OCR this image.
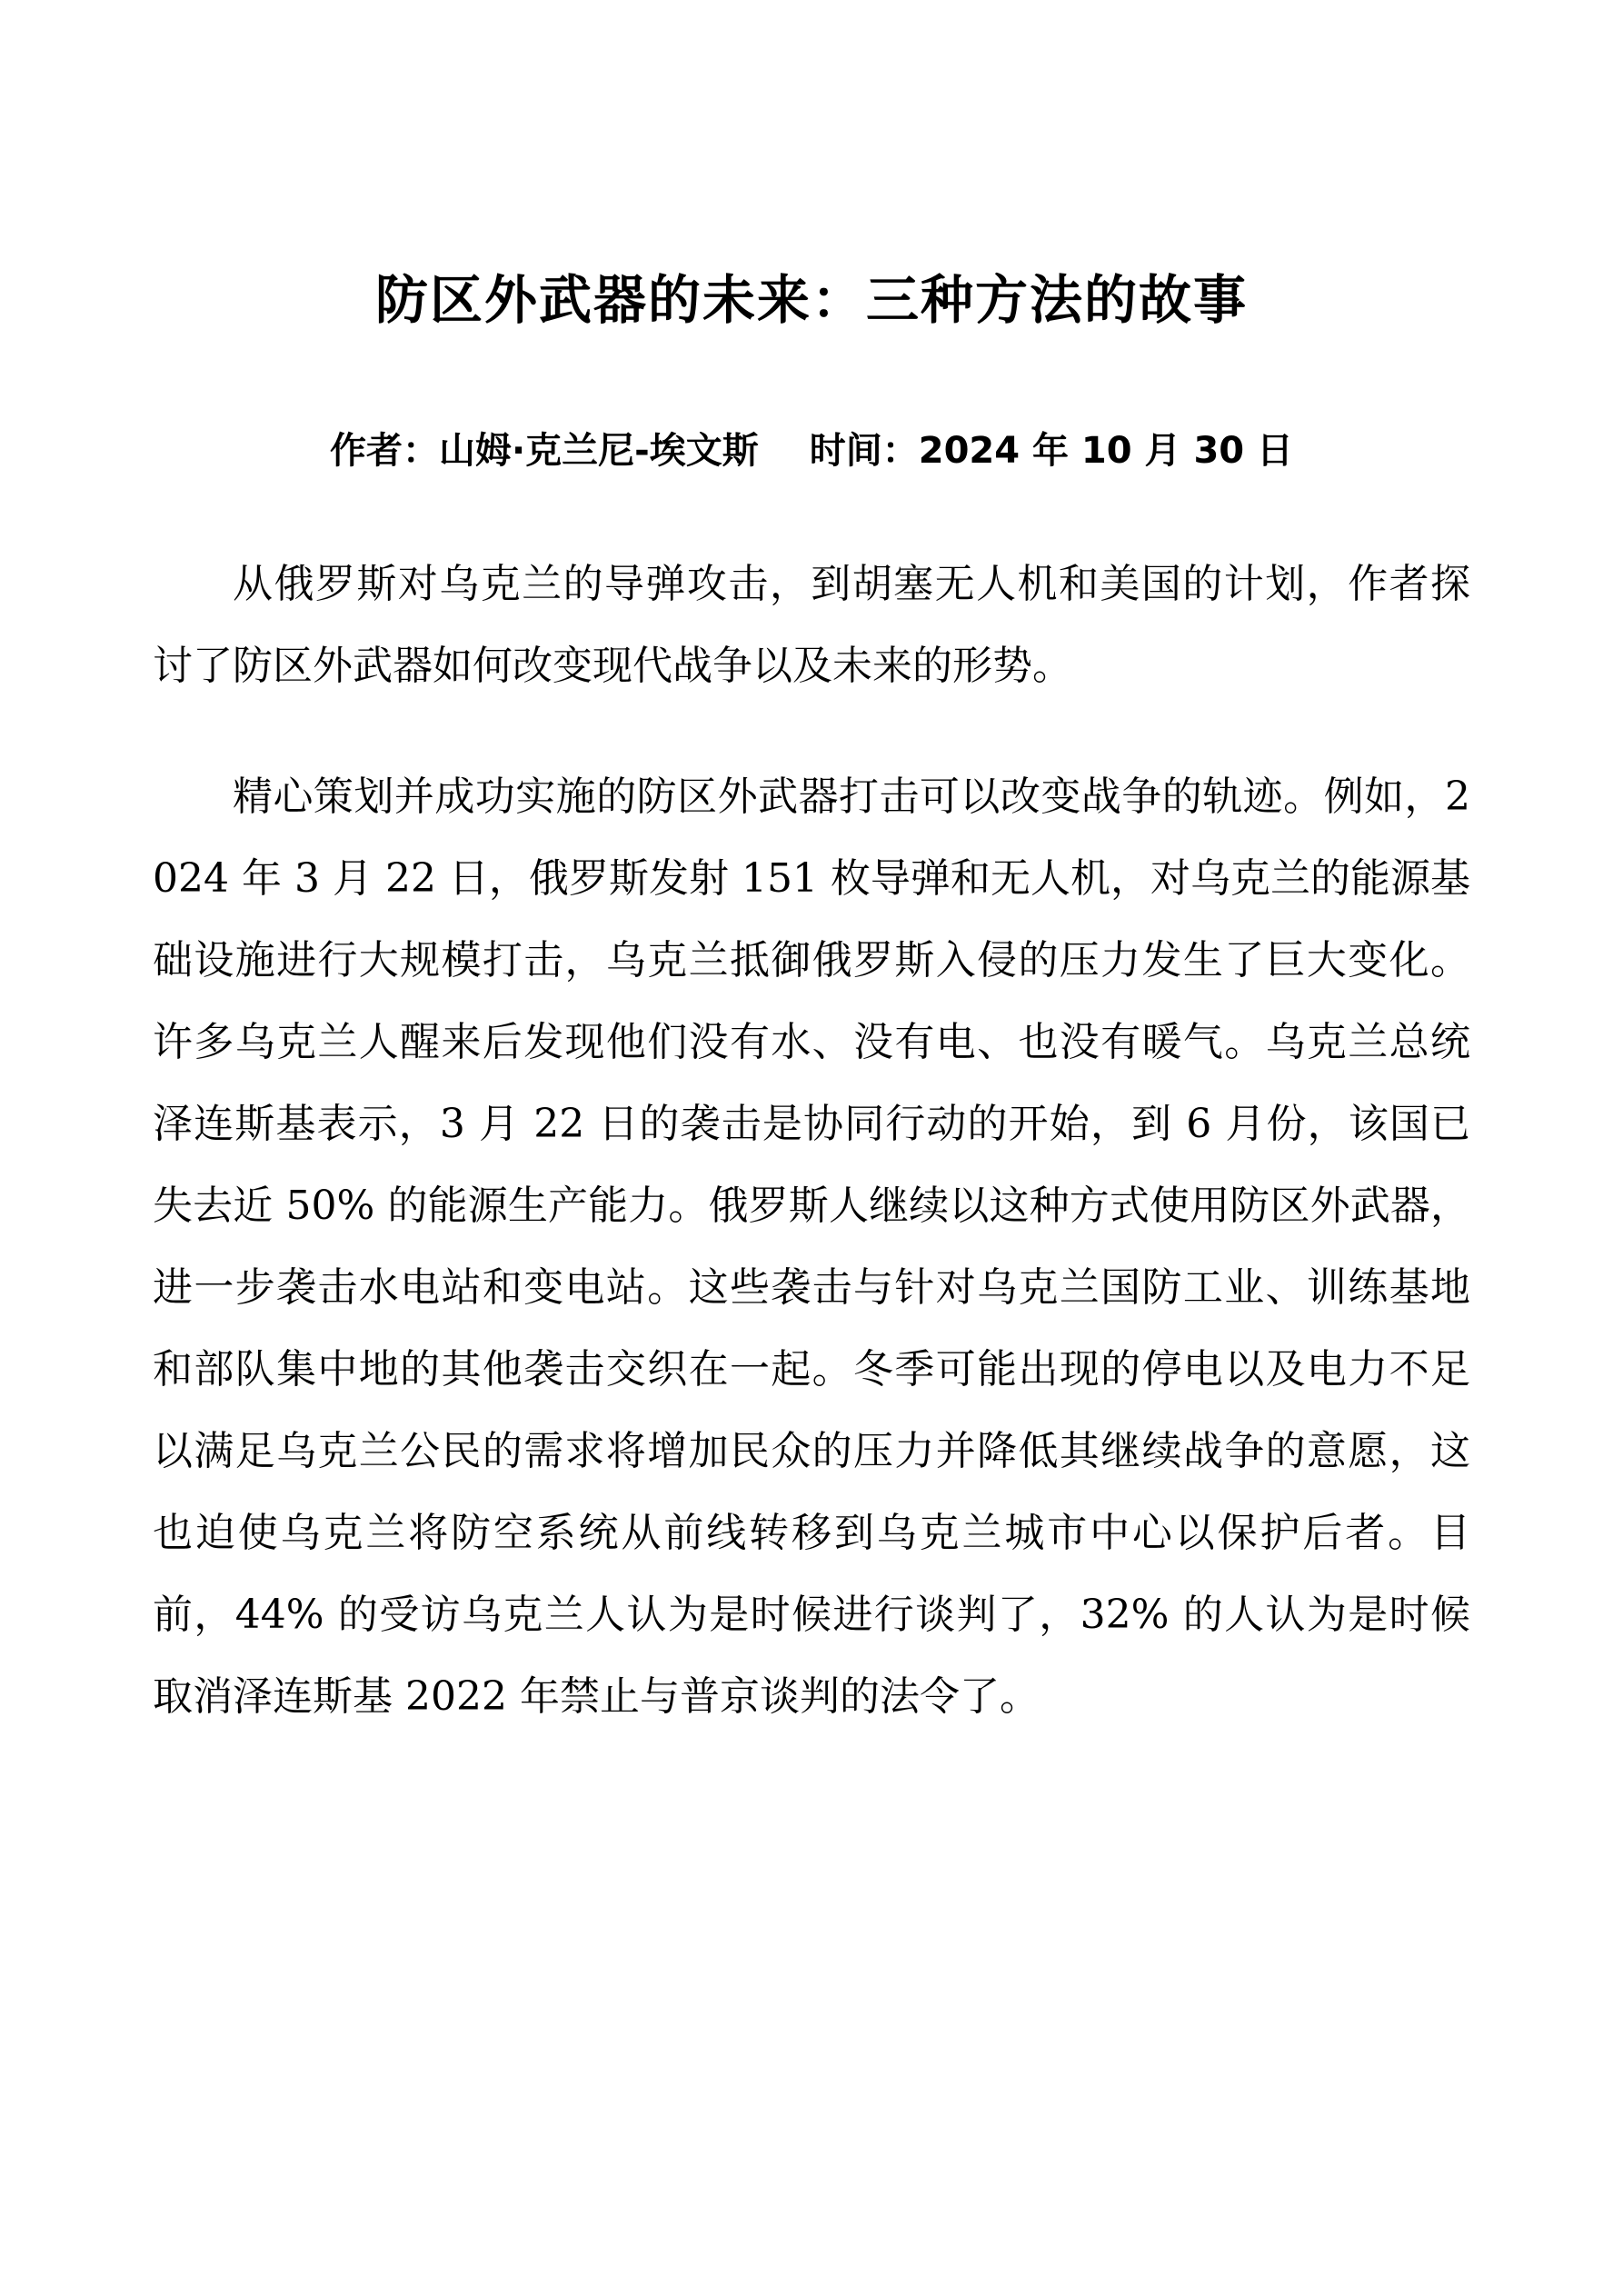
防区外武器的未来：三种方法的故事
作者：山姆·克兰尼-埃文斯 时间：2024 年 10 月 30 日

从俄罗斯对乌克兰的导弹攻击，到胡塞无人机和美国的计划，作者探讨了防区外武器如何改变现代战争以及未来的形势。

精心策划并成功实施的防区外武器打击可以改变战争的轨迹。例如，2024 年 3 月 22 日，俄罗斯发射 151 枚导弹和无人机，对乌克兰的能源基础设施进行大规模打击，乌克兰抵御俄罗斯入侵的压力发生了巨大变化。许多乌克兰人醒来后发现他们没有水、没有电、也没有暖气。乌克兰总统泽连斯基表示，3 月 22 日的袭击是协同行动的开始，到 6 月份，该国已失去近 50% 的能源生产能力。俄罗斯人继续以这种方式使用防区外武器，进一步袭击水电站和变电站。这些袭击与针对乌克兰国防工业、训练基地和部队集中地的其他袭击交织在一起。冬季可能出现的停电以及电力不足以满足乌克兰公民的需求将增加民众的压力并降低其继续战争的意愿，这也迫使乌克兰将防空系统从前线转移到乌克兰城市中心以保护后者。目前，44% 的受访乌克兰人认为是时候进行谈判了，32% 的人认为是时候取消泽连斯基 2022 年禁止与普京谈判的法令了。
